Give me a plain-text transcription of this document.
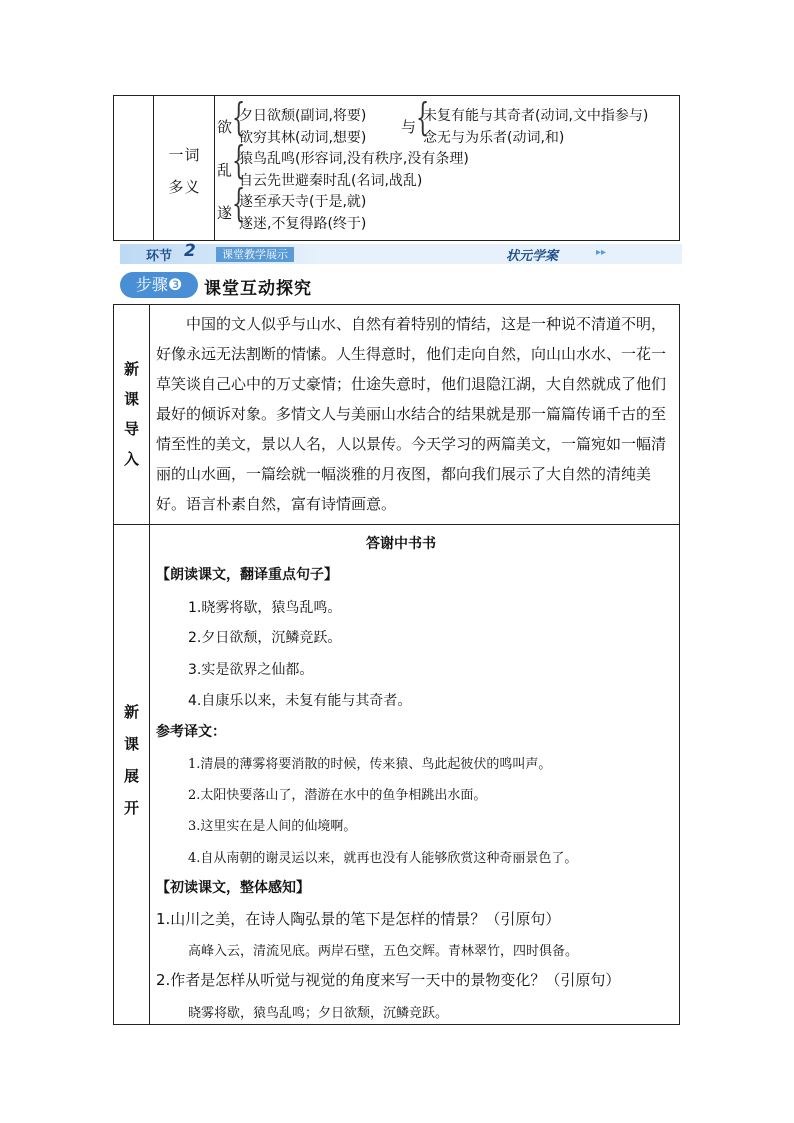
一词
多义
欲 {
夕日欲颓(副词,将要)
欲穷其林(动词,想要)
与 {
未复有能与其奇者(动词,文中指参与)
念无与为乐者(动词,和)
乱 {
猿鸟乱鸣(形容词,没有秩序,没有条理)
自云先世避秦时乱(名词,战乱)
遂 {
遂至承天寺(于是,就)
遂迷,不复得路(终于)
环节 2	课堂教学展示	状元学案	▸▸
步骤❸	课堂互动探究
新
课
导
入
中国的文人似乎与山水、自然有着特别的情结，这是一种说不清道不明，好像永远无法割断的情愫。人生得意时，他们走向自然，向山山水水、一花一草笑谈自己心中的万丈豪情；仕途失意时，他们退隐江湖，大自然就成了他们最好的倾诉对象。多情文人与美丽山水结合的结果就是那一篇篇传诵千古的至情至性的美文，景以人名，人以景传。今天学习的两篇美文，一篇宛如一幅清丽的山水画，一篇绘就一幅淡雅的月夜图，都向我们展示了大自然的清纯美好。语言朴素自然，富有诗情画意。
新
课
展
开
答谢中书书
【朗读课文，翻译重点句子】
1.晓雾将歇，猿鸟乱鸣。
2.夕日欲颓，沉鳞竞跃。
3.实是欲界之仙都。
4.自康乐以来，未复有能与其奇者。
参考译文：
1.清晨的薄雾将要消散的时候，传来猿、鸟此起彼伏的鸣叫声。
2.太阳快要落山了，潜游在水中的鱼争相跳出水面。
3.这里实在是人间的仙境啊。
4.自从南朝的谢灵运以来，就再也没有人能够欣赏这种奇丽景色了。
【初读课文，整体感知】
1.山川之美，在诗人陶弘景的笔下是怎样的情景？（引原句）
高峰入云，清流见底。两岸石壁，五色交辉。青林翠竹，四时俱备。
2.作者是怎样从听觉与视觉的角度来写一天中的景物变化？（引原句）
晓雾将歇，猿鸟乱鸣；夕日欲颓，沉鳞竞跃。
